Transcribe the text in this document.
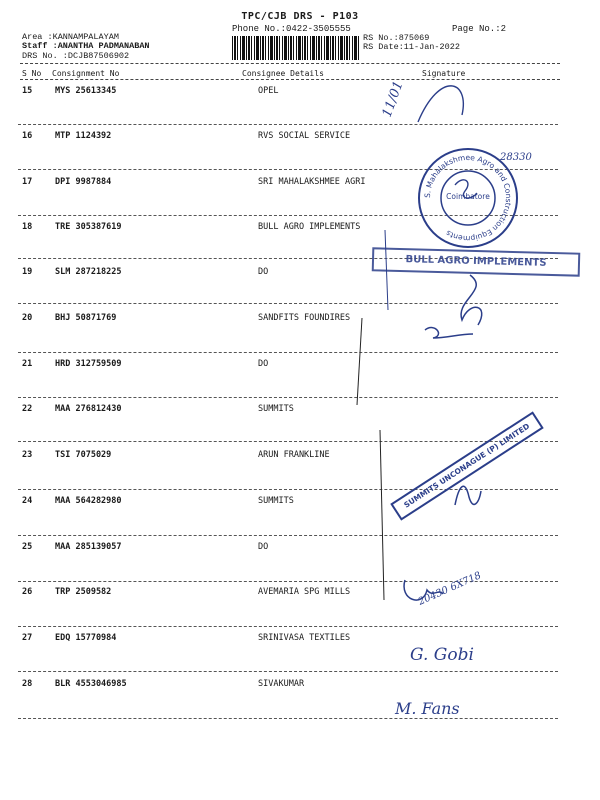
TPC/CJB DRS - P103
Phone No.:0422-3505555	Page No.:2
Area :KANNAMPALAYAM
Staff :ANANTHA PADMANABAN
DRS No. :DCJB87506902
RS No.:875069
RS Date:11-Jan-2022
S No Consignment No	Consignee Details	Signature
15	MYS 25613345	OPEL
16	MTP 1124392	RVS SOCIAL SERVICE
17	DPI 9987884	SRI MAHALAKSHMEE AGRI
18	TRE 305387619	BULL AGRO IMPLEMENTS
19	SLM 287218225	DO
20	BHJ 50871769	SANDFITS FOUNDIRES
21	HRD 312759509	DO
22	MAA 276812430	SUMMITS
23	TSI 7075029	ARUN FRANKLINE
24	MAA 564282980	SUMMITS
25	MAA 285139057	DO
26	TRP 2509582	AVEMARIA SPG MILLS
27	EDQ 15770984	SRINIVASA TEXTILES
28	BLR 4553046985	SIVAKUMAR
S. Mahalakshmee Agro and Construction Equipments
Coimbatore
BULL AGRO IMPLEMENTS
SUMMITS UNCONAGUE (P) LIMITED
11/01
28330
20430 6X718
G. Gobi
M. Fans
